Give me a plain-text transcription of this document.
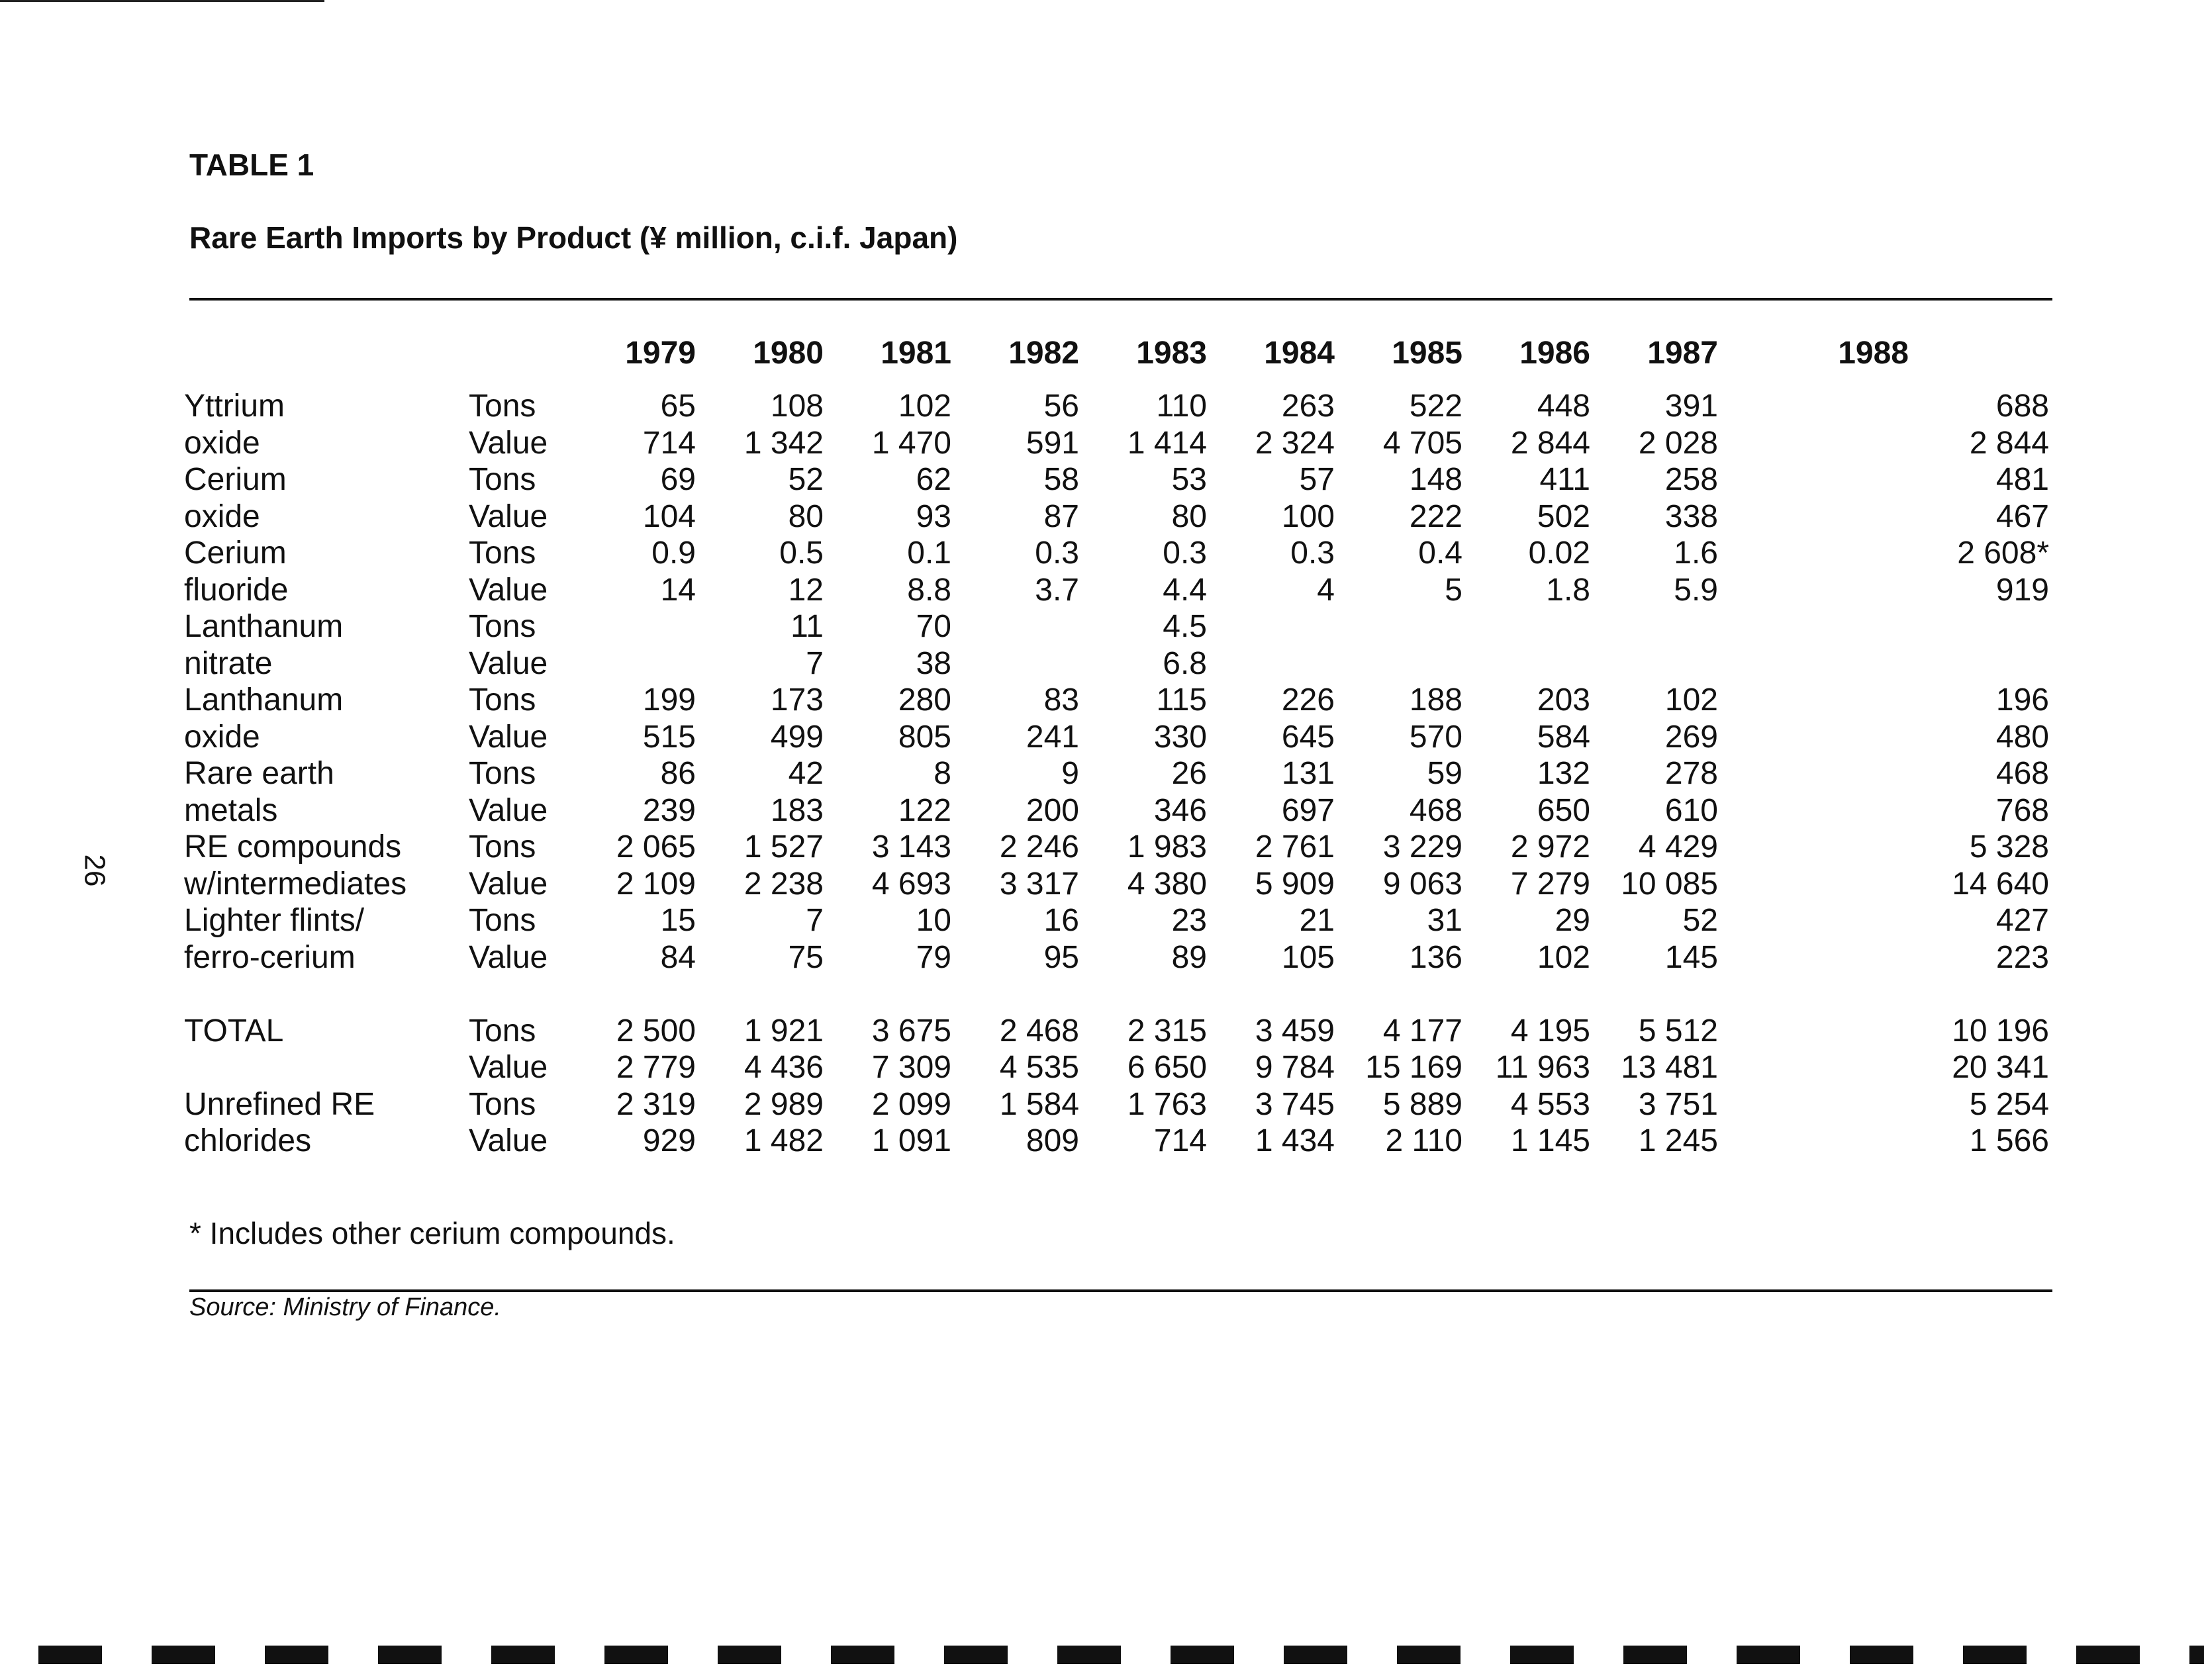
TABLE 1
Rare Earth Imports by Product (¥ million, c.i.f. Japan)
26
		1979	1980	1981	1982	1983	1984	1985	1986	1987	1988
Yttrium	Tons	65	108	102	56	110	263	522	448	391	688
oxide	Value	714	1 342	1 470	591	1 414	2 324	4 705	2 844	2 028	2 844
Cerium	Tons	69	52	62	58	53	57	148	411	258	481
oxide	Value	104	80	93	87	80	100	222	502	338	467
Cerium	Tons	0.9	0.5	0.1	0.3	0.3	0.3	0.4	0.02	1.6	2 608*
fluoride	Value	14	12	8.8	3.7	4.4	4	5	1.8	5.9	919
Lanthanum	Tons		11	70		4.5					
nitrate	Value		7	38		6.8					
Lanthanum	Tons	199	173	280	83	115	226	188	203	102	196
oxide	Value	515	499	805	241	330	645	570	584	269	480
Rare earth	Tons	86	42	8	9	26	131	59	132	278	468
metals	Value	239	183	122	200	346	697	468	650	610	768
RE compounds	Tons	2 065	1 527	3 143	2 246	1 983	2 761	3 229	2 972	4 429	5 328
w/intermediates	Value	2 109	2 238	4 693	3 317	4 380	5 909	9 063	7 279	10 085	14 640
Lighter flints/	Tons	15	7	10	16	23	21	31	29	52	427
ferro-cerium	Value	84	75	79	95	89	105	136	102	145	223

TOTAL	Tons	2 500	1 921	3 675	2 468	2 315	3 459	4 177	4 195	5 512	10 196
	Value	2 779	4 436	7 309	4 535	6 650	9 784	15 169	11 963	13 481	20 341
Unrefined RE	Tons	2 319	2 989	2 099	1 584	1 763	3 745	5 889	4 553	3 751	5 254
chlorides	Value	929	1 482	1 091	809	714	1 434	2 110	1 145	1 245	1 566
* Includes other cerium compounds.
Source: Ministry of Finance.
